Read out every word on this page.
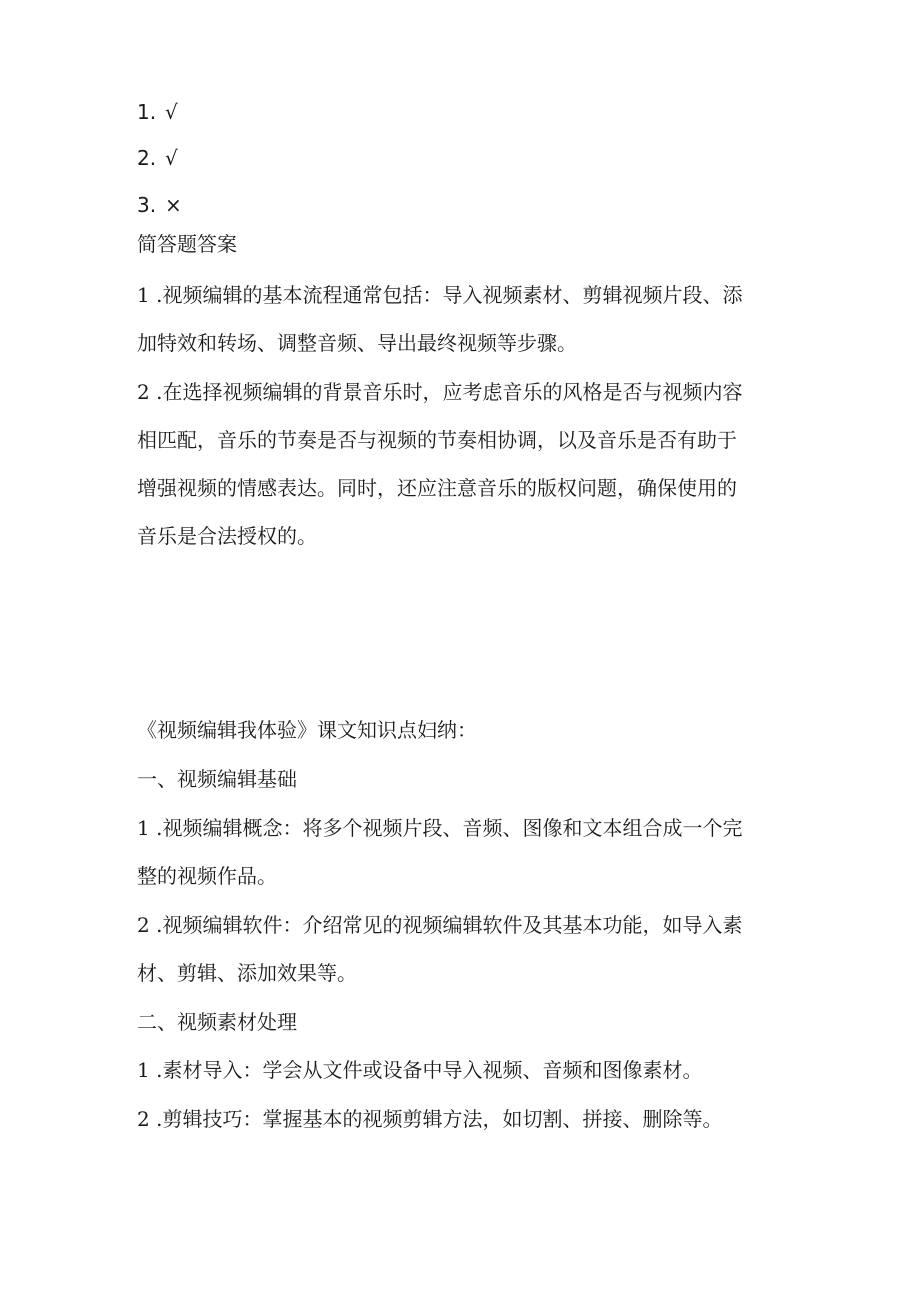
1. √
2. √
3. ×
简答题答案
1 .视频编辑的基本流程通常包括：导入视频素材、剪辑视频片段、添
加特效和转场、调整音频、导出最终视频等步骤。
2 .在选择视频编辑的背景音乐时，应考虑音乐的风格是否与视频内容
相匹配，音乐的节奏是否与视频的节奏相协调，以及音乐是否有助于
增强视频的情感表达。同时，还应注意音乐的版权问题，确保使用的
音乐是合法授权的。
《视频编辑我体验》课文知识点妇纳：
一、视频编辑基础
1 .视频编辑概念：将多个视频片段、音频、图像和文本组合成一个完
整的视频作品。
2 .视频编辑软件：介绍常见的视频编辑软件及其基本功能，如导入素
材、剪辑、添加效果等。
二、视频素材处理
1 .素材导入：学会从文件或设备中导入视频、音频和图像素材。
2 .剪辑技巧：掌握基本的视频剪辑方法，如切割、拼接、删除等。
